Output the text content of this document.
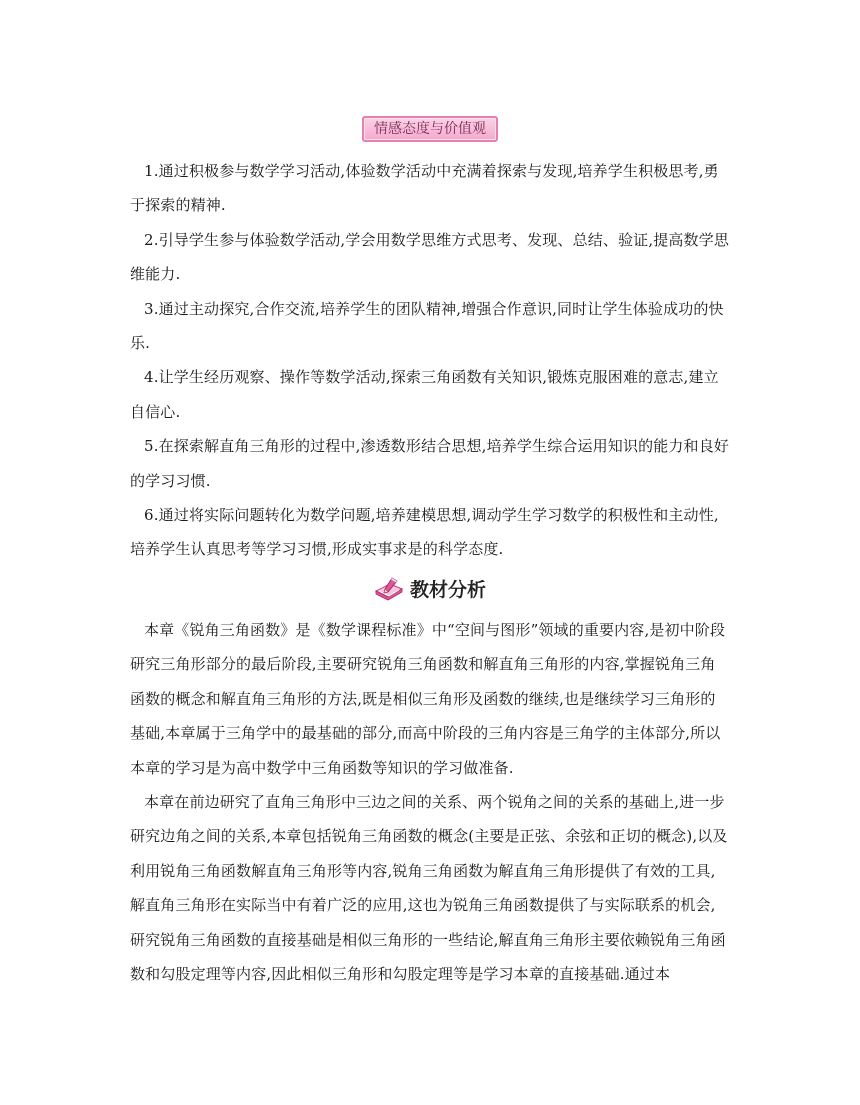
情感态度与价值观

1.通过积极参与数学学习活动,体验数学活动中充满着探索与发现,培养学生积极思考,勇于探索的精神.

2.引导学生参与体验数学活动,学会用数学思维方式思考、发现、总结、验证,提高数学思维能力.

3.通过主动探究,合作交流,培养学生的团队精神,增强合作意识,同时让学生体验成功的快乐.

4.让学生经历观察、操作等数学活动,探索三角函数有关知识,锻炼克服困难的意志,建立自信心.

5.在探索解直角三角形的过程中,渗透数形结合思想,培养学生综合运用知识的能力和良好的学习习惯.

6.通过将实际问题转化为数学问题,培养建模思想,调动学生学习数学的积极性和主动性,培养学生认真思考等学习习惯,形成实事求是的科学态度.

教材分析

本章《锐角三角函数》是《数学课程标准》中“空间与图形”领域的重要内容,是初中阶段研究三角形部分的最后阶段,主要研究锐角三角函数和解直角三角形的内容,掌握锐角三角函数的概念和解直角三角形的方法,既是相似三角形及函数的继续,也是继续学习三角形的基础,本章属于三角学中的最基础的部分,而高中阶段的三角内容是三角学的主体部分,所以本章的学习是为高中数学中三角函数等知识的学习做准备.

本章在前边研究了直角三角形中三边之间的关系、两个锐角之间的关系的基础上,进一步研究边角之间的关系,本章包括锐角三角函数的概念(主要是正弦、余弦和正切的概念),以及利用锐角三角函数解直角三角形等内容,锐角三角函数为解直角三角形提供了有效的工具,解直角三角形在实际当中有着广泛的应用,这也为锐角三角函数提供了与实际联系的机会,研究锐角三角函数的直接基础是相似三角形的一些结论,解直角三角形主要依赖锐角三角函数和勾股定理等内容,因此相似三角形和勾股定理等是学习本章的直接基础.通过本
